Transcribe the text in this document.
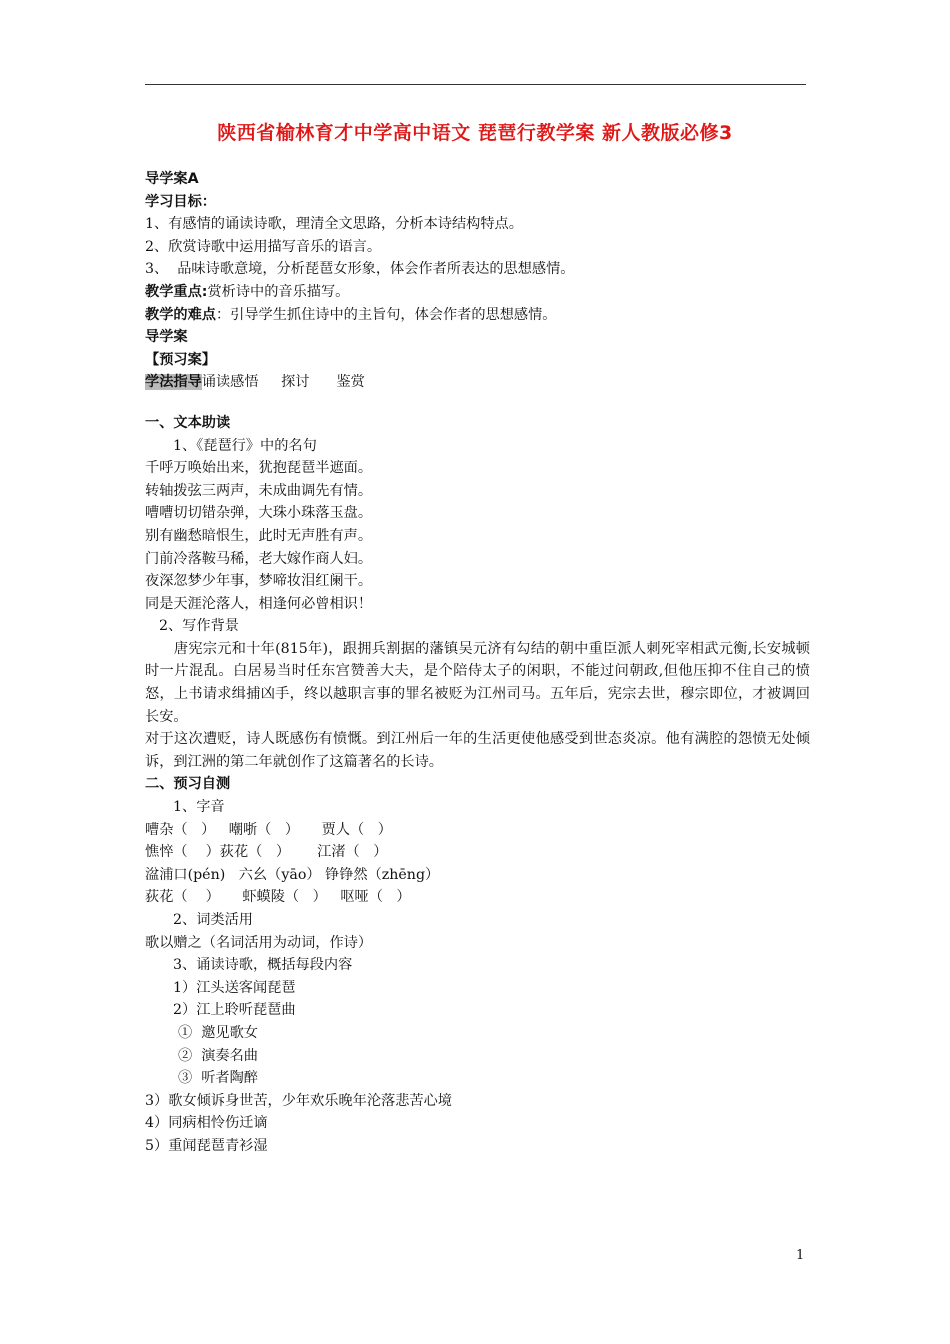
陕西省榆林育才中学高中语文 琵琶行教学案 新人教版必修3
导学案A
学习目标：
1、有感情的诵读诗歌，理清全文思路，分析本诗结构特点。
2、欣赏诗歌中运用描写音乐的语言。
3、  品味诗歌意境，分析琵琶女形象，体会作者所表达的思想感情。
教学重点:赏析诗中的音乐描写。
教学的难点：引导学生抓住诗中的主旨句，体会作者的思想感情。
导学案
【预习案】
学法指导诵读感悟     探讨      鉴赏
一、文本助读
1、《琵琶行》中的名句
千呼万唤始出来，犹抱琵琶半遮面。
转轴拨弦三两声，未成曲调先有情。
嘈嘈切切错杂弹，大珠小珠落玉盘。
别有幽愁暗恨生，此时无声胜有声。
门前冷落鞍马稀，老大嫁作商人妇。
夜深忽梦少年事，梦啼妆泪红阑干。
同是天涯沦落人，相逢何必曾相识！
2、写作背景
　　唐宪宗元和十年(815年)，跟拥兵割据的藩镇吴元济有勾结的朝中重臣派人刺死宰相武元衡,长安城顿时一片混乱。白居易当时任东宫赞善大夫，是个陪侍太子的闲职，不能过问朝政,但他压抑不住自己的愤怒，上书请求缉捕凶手，终以越职言事的罪名被贬为江州司马。五年后，宪宗去世，穆宗即位，才被调回长安。
对于这次遭贬，诗人既感伤有愤慨。到江州后一年的生活更使他感受到世态炎凉。他有满腔的怨愤无处倾诉，到江洲的第二年就创作了这篇著名的长诗。
二、预习自测
1、字音
嘈杂（   ）   嘲哳（   ）     贾人（   ）
憔悴（    ）荻花（   ）      江渚（   ）
湓浦口(pén)   六幺（yāo） 铮铮然（zhēng）
荻花（    ）     虾蟆陵（   ）   呕哑（   ）
2、词类活用
歌以赠之（名词活用为动词，作诗）
3、诵读诗歌，概括每段内容
1）江头送客闻琵琶
2）江上聆听琵琶曲
①  邀见歌女
②  演奏名曲
③  听者陶醉
3）歌女倾诉身世苦，少年欢乐晚年沦落悲苦心境
4）同病相怜伤迁谪
5）重闻琵琶青衫湿
1
